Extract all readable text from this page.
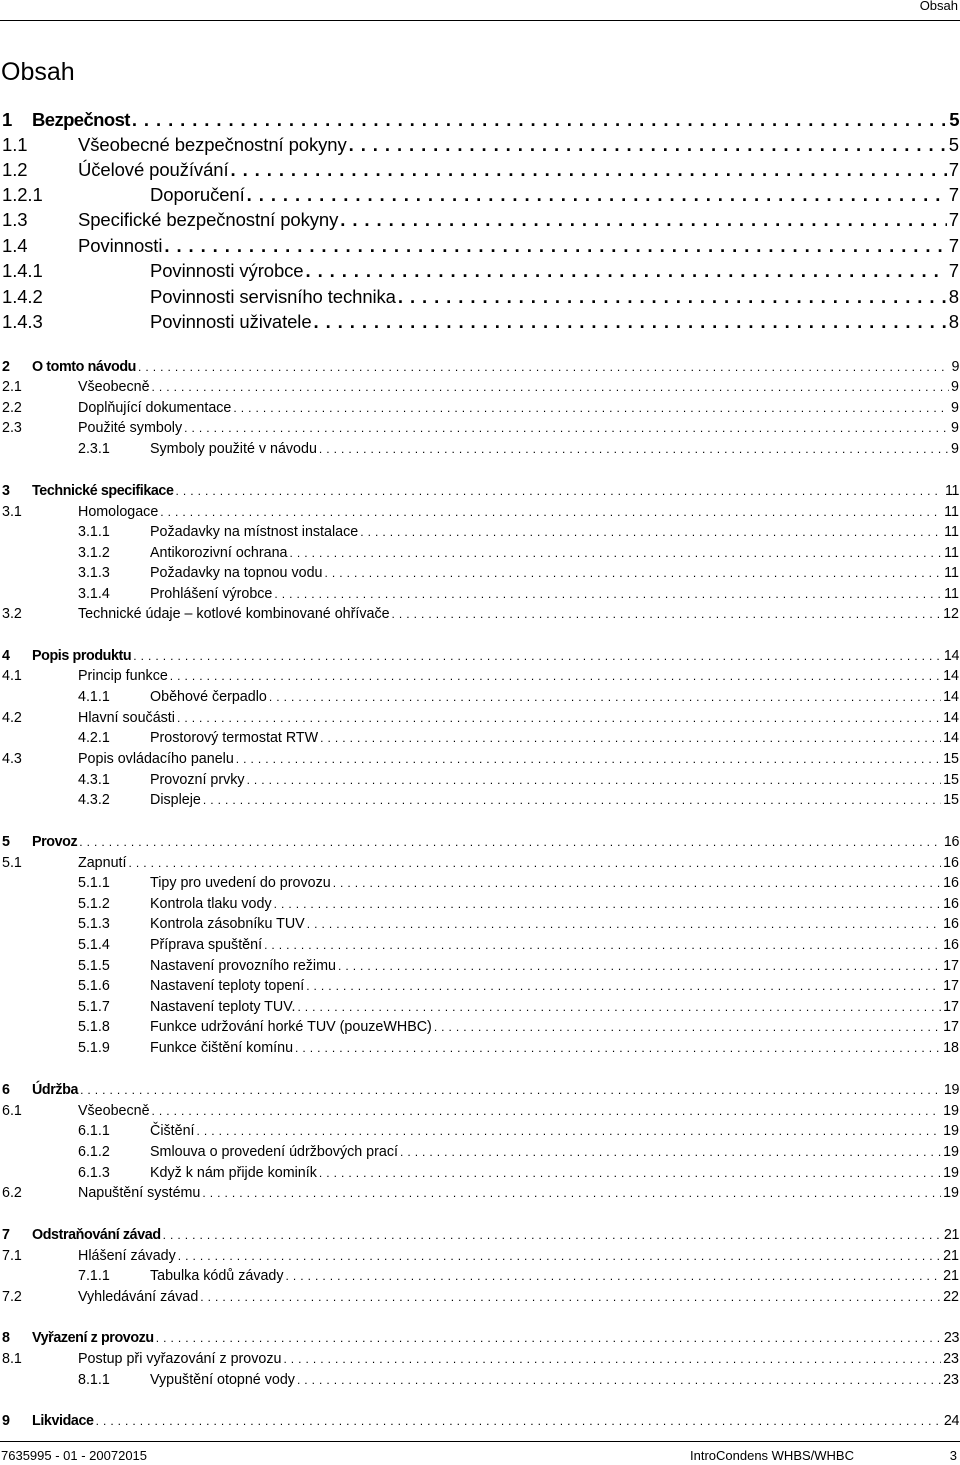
Obsah
Obsah
1	Bezpečnost . . .	5
1.1	Všeobecné bezpečnostní pokyny . . .	5
1.2	Účelové používání . . .	7
1.2.1	Doporučení . . .	7
1.3	Specifické bezpečnostní pokyny . . .	7
1.4	Povinnosti . . .	7
1.4.1	Povinnosti výrobce . . .	7
1.4.2	Povinnosti servisního technika . . .	8
1.4.3	Povinnosti uživatele . . .	8
2	O tomto návodu . . .	9
2.1	Všeobecně . . .	9
2.2	Doplňující dokumentace . . .	9
2.3	Použité symboly . . .	9
2.3.1	Symboly použité v návodu . . .	9
3	Technické specifikace . . .	11
3.1	Homologace . . .	11
3.1.1	Požadavky na místnost instalace . . .	11
3.1.2	Antikorozivní ochrana . . .	11
3.1.3	Požadavky na topnou vodu . . .	11
3.1.4	Prohlášení výrobce . . .	11
3.2	Technické údaje – kotlové kombinované ohřívače . . .	12
4	Popis produktu . . .	14
4.1	Princip funkce . . .	14
4.1.1	Oběhové čerpadlo . . .	14
4.2	Hlavní součásti . . .	14
4.2.1	Prostorový termostat RTW . . .	14
4.3	Popis ovládacího panelu . . .	15
4.3.1	Provozní prvky . . .	15
4.3.2	Displeje . . .	15
5	Provoz . . .	16
5.1	Zapnutí . . .	16
5.1.1	Tipy pro uvedení do provozu . . .	16
5.1.2	Kontrola tlaku vody . . .	16
5.1.3	Kontrola zásobníku TUV . . .	16
5.1.4	Příprava spuštění . . .	16
5.1.5	Nastavení provozního režimu . . .	17
5.1.6	Nastavení teploty topení . . .	17
5.1.7	Nastavení teploty TUV. . . .	17
5.1.8	Funkce udržování horké TUV (pouzeWHBC) . . .	17
5.1.9	Funkce čištění komínu . . .	18
6	Údržba . . .	19
6.1	Všeobecně . . .	19
6.1.1	Čištění . . .	19
6.1.2	Smlouva o provedení údržbových prací . . .	19
6.1.3	Když k nám přijde kominík . . .	19
6.2	Napuštění systému . . .	19
7	Odstraňování závad . . .	21
7.1	Hlášení závady . . .	21
7.1.1	Tabulka kódů závady . . .	21
7.2	Vyhledávání závad . . .	22
8	Vyřazení z provozu . . .	23
8.1	Postup při vyřazování z provozu . . .	23
8.1.1	Vypuštění otopné vody . . .	23
9	Likvidace . . .	24
7635995 - 01 - 20072015	IntroCondens WHBS/WHBC	3
